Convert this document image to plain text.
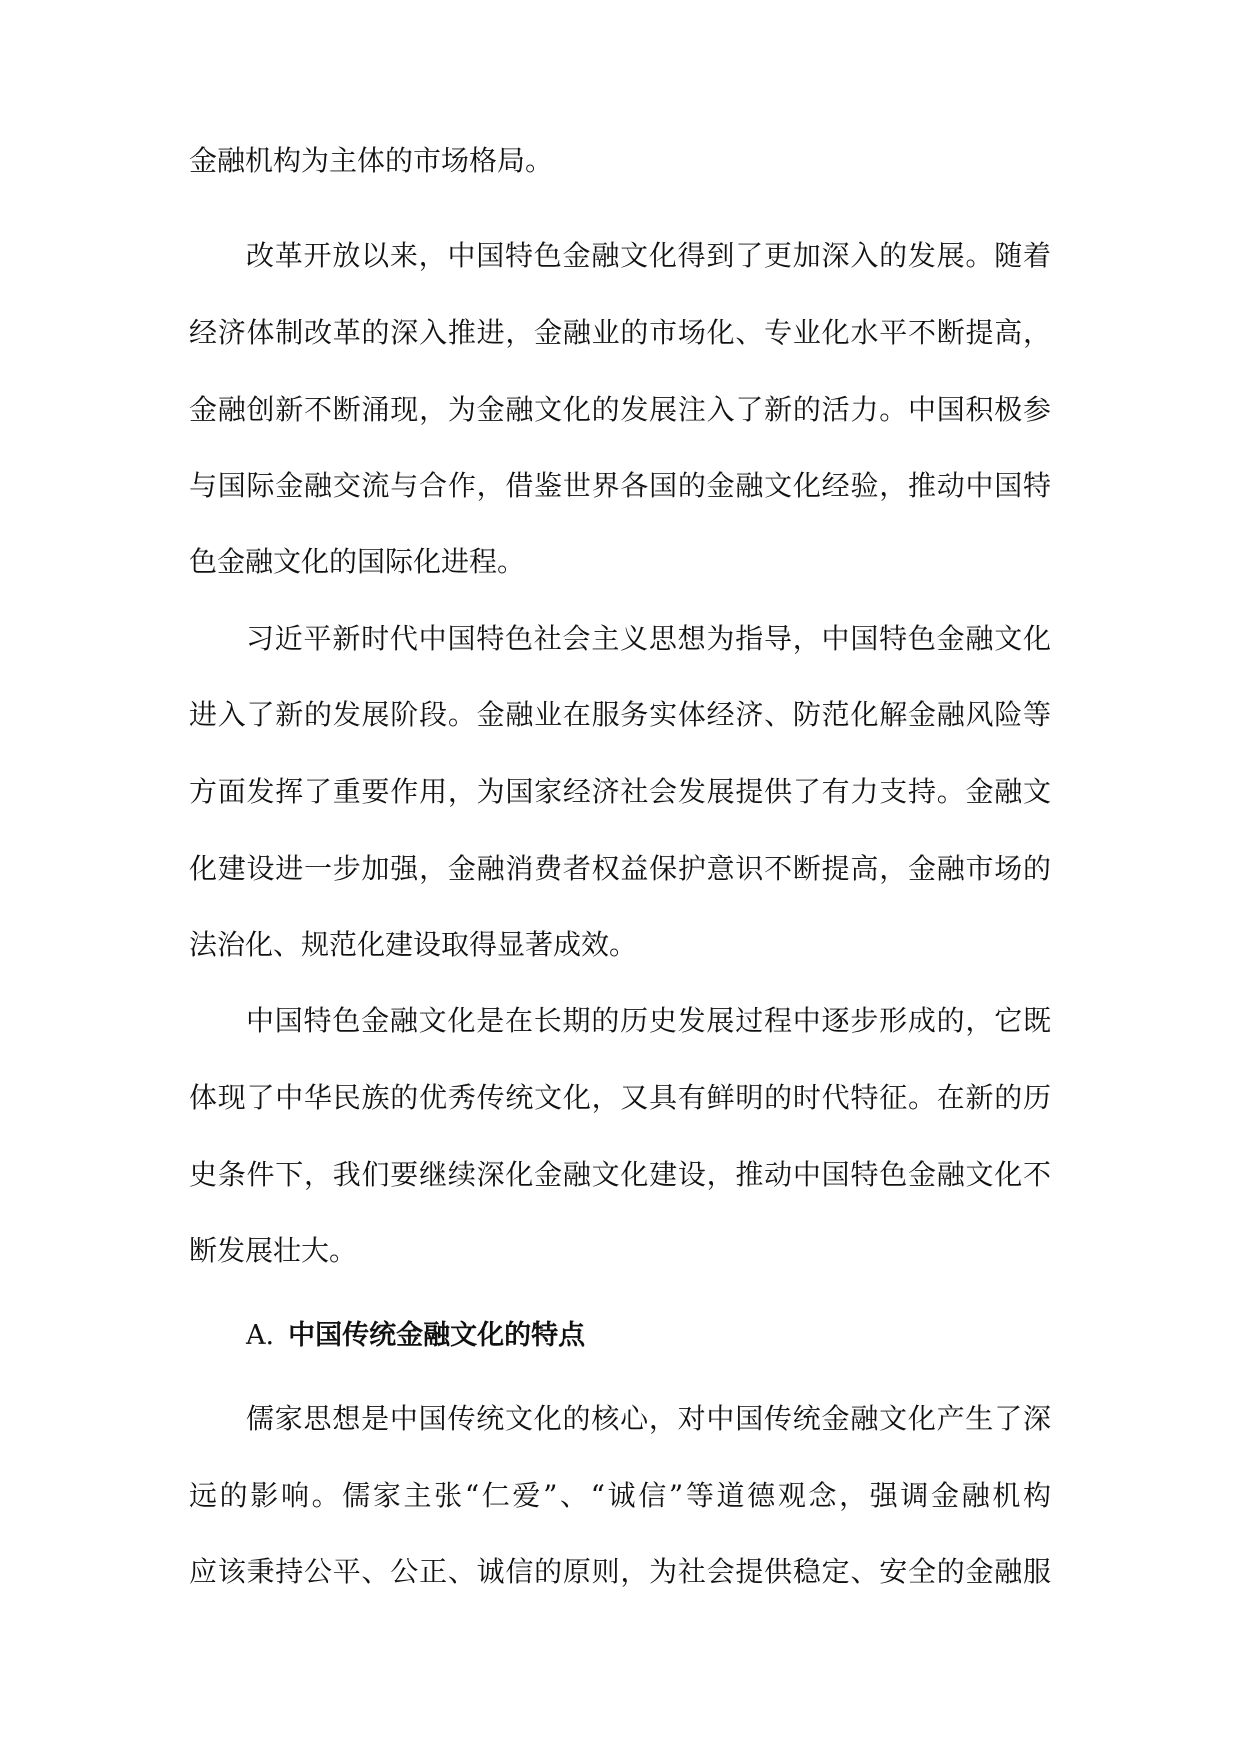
金融机构为主体的市场格局。
改革开放以来，中国特色金融文化得到了更加深入的发展。随着
经济体制改革的深入推进，金融业的市场化、专业化水平不断提高，
金融创新不断涌现，为金融文化的发展注入了新的活力。中国积极参
与国际金融交流与合作，借鉴世界各国的金融文化经验，推动中国特
色金融文化的国际化进程。
习近平新时代中国特色社会主义思想为指导，中国特色金融文化
进入了新的发展阶段。金融业在服务实体经济、防范化解金融风险等
方面发挥了重要作用，为国家经济社会发展提供了有力支持。金融文
化建设进一步加强，金融消费者权益保护意识不断提高，金融市场的
法治化、规范化建设取得显著成效。
中国特色金融文化是在长期的历史发展过程中逐步形成的，它既
体现了中华民族的优秀传统文化，又具有鲜明的时代特征。在新的历
史条件下，我们要继续深化金融文化建设，推动中国特色金融文化不
断发展壮大。
A. 中国传统金融文化的特点
儒家思想是中国传统文化的核心，对中国传统金融文化产生了深
远的影响。儒家主张“仁爱”、“诚信”等道德观念，强调金融机构
应该秉持公平、公正、诚信的原则，为社会提供稳定、安全的金融服
